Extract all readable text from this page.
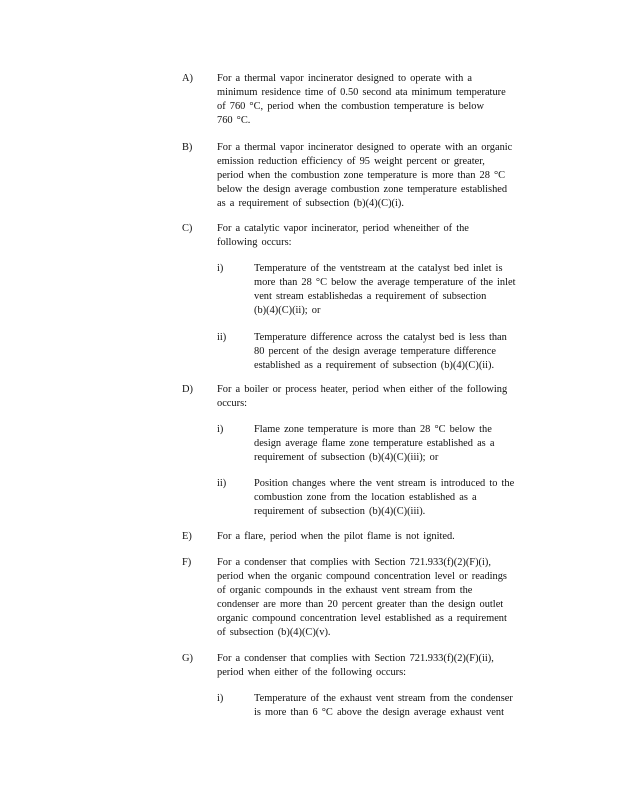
A)	For a thermal vapor incinerator designed to operate with a
minimum residence time of 0.50 second ata minimum temperature
of 760 °C, period when the combustion temperature is below
760 °C.
B)	For a thermal vapor incinerator designed to operate with an organic
emission reduction efficiency of 95 weight percent or greater,
period when the combustion zone temperature is more than 28 °C
below the design average combustion zone temperature established
as a requirement of subsection (b)(4)(C)(i).
C)	For a catalytic vapor incinerator, period wheneither of the
following occurs:
i)	Temperature of the ventstream at the catalyst bed inlet is
more than 28 °C below the average temperature of the inlet
vent stream establishedas a requirement of subsection
(b)(4)(C)(ii); or
ii)	Temperature difference across the catalyst bed is less than
80 percent of the design average temperature difference
established as a requirement of subsection (b)(4)(C)(ii).
D)	For a boiler or process heater, period when either of the following
occurs:
i)	Flame zone temperature is more than 28 °C below the
design average flame zone temperature established as a
requirement of subsection (b)(4)(C)(iii); or
ii)	Position changes where the vent stream is introduced to the
combustion zone from the location established as a
requirement of subsection (b)(4)(C)(iii).
E)	For a flare, period when the pilot flame is not ignited.
F)	For a condenser that complies with Section 721.933(f)(2)(F)(i),
period when the organic compound concentration level or readings
of organic compounds in the exhaust vent stream from the
condenser are more than 20 percent greater than the design outlet
organic compound concentration level established as a requirement
of subsection (b)(4)(C)(v).
G)	For a condenser that complies with Section 721.933(f)(2)(F)(ii),
period when either of the following occurs:
i)	Temperature of the exhaust vent stream from the condenser
is more than 6 °C above the design average exhaust vent
